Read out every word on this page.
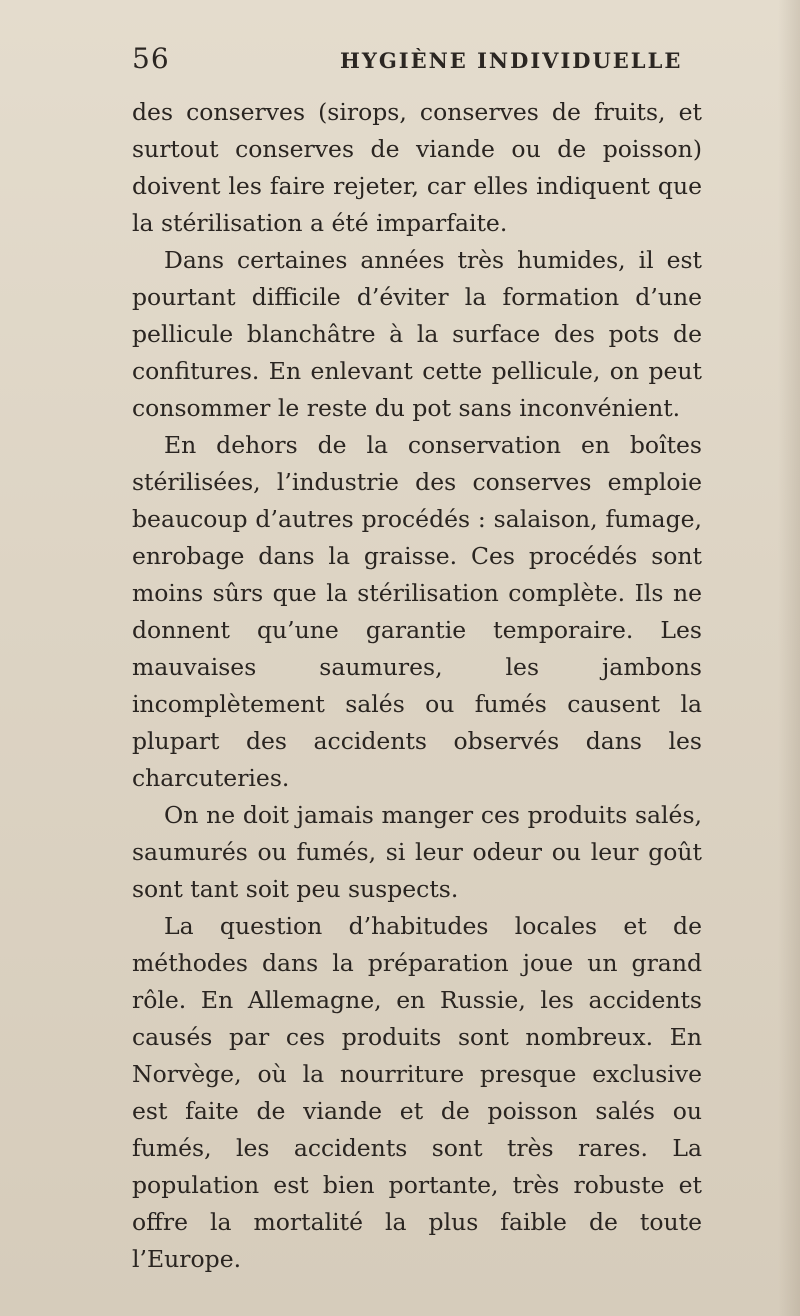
56	HYGIÈNE INDIVIDUELLE

des conserves (sirops, conserves de fruits, et surtout conserves de viande ou de poisson) doivent les faire rejeter, car elles indiquent que la stérilisation a été imparfaite.

Dans certaines années très humides, il est pourtant difficile d’éviter la formation d’une pellicule blanchâtre à la surface des pots de confitures. En enlevant cette pellicule, on peut consommer le reste du pot sans inconvénient.

En dehors de la conservation en boîtes stérilisées, l’industrie des conserves emploie beaucoup d’autres procédés : salaison, fumage, enrobage dans la graisse. Ces procédés sont moins sûrs que la stérilisation complète. Ils ne donnent qu’une garantie temporaire. Les mauvaises saumures, les jambons incomplètement salés ou fumés causent la plupart des accidents observés dans les charcuteries.

On ne doit jamais manger ces produits salés, saumurés ou fumés, si leur odeur ou leur goût sont tant soit peu suspects.

La question d’habitudes locales et de méthodes dans la préparation joue un grand rôle. En Allemagne, en Russie, les accidents causés par ces produits sont nombreux. En Norvège, où la nourriture presque exclusive est faite de viande et de poisson salés ou fumés, les accidents sont très rares. La population est bien portante, très robuste et offre la mortalité la plus faible de toute l’Europe.
